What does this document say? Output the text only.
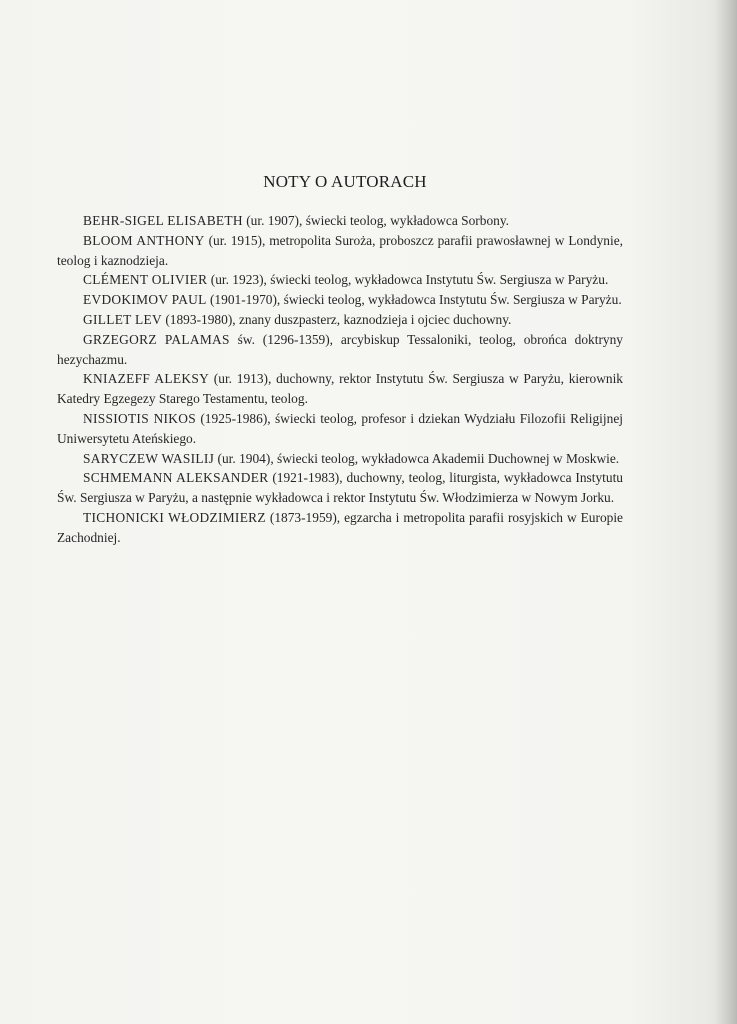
NOTY O AUTORACH

BEHR-SIGEL ELISABETH (ur. 1907), świecki teolog, wykładowca Sorbony.

BLOOM ANTHONY (ur. 1915), metropolita Suroża, proboszcz parafii prawosławnej w Londynie, teolog i kaznodzieja.

CLÉMENT OLIVIER (ur. 1923), świecki teolog, wykładowca Instytutu Św. Sergiusza w Paryżu.

EVDOKIMOV PAUL (1901-1970), świecki teolog, wykładowca Instytutu Św. Sergiusza w Paryżu.

GILLET LEV (1893-1980), znany duszpasterz, kaznodzieja i ojciec duchowny.

GRZEGORZ PALAMAS św. (1296-1359), arcybiskup Tessaloniki, teolog, obrońca doktryny hezychazmu.

KNIAZEFF ALEKSY (ur. 1913), duchowny, rektor Instytutu Św. Sergiusza w Paryżu, kierownik Katedry Egzegezy Starego Testamentu, teolog.

NISSIOTIS NIKOS (1925-1986), świecki teolog, profesor i dziekan Wydziału Filozofii Religijnej Uniwersytetu Ateńskiego.

SARYCZEW WASILIJ (ur. 1904), świecki teolog, wykładowca Akademii Duchownej w Moskwie.

SCHMEMANN ALEKSANDER (1921-1983), duchowny, teolog, liturgista, wykładowca Instytutu Św. Sergiusza w Paryżu, a następnie wykładowca i rektor Instytutu Św. Włodzimierza w Nowym Jorku.

TICHONICKI WŁODZIMIERZ (1873-1959), egzarcha i metropolita parafii rosyjskich w Europie Zachodniej.
